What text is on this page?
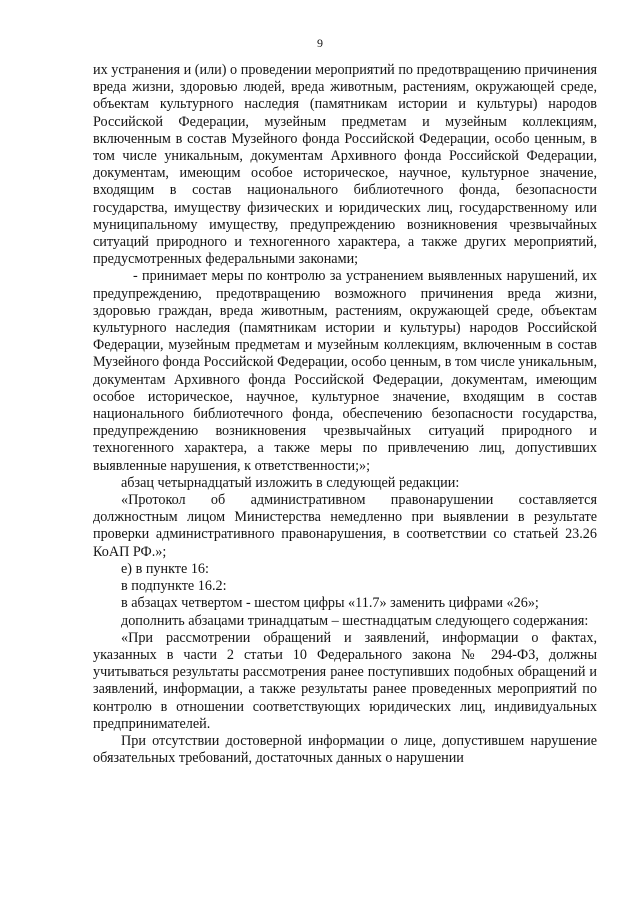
9

их устранения и (или) о проведении мероприятий по предотвращению причинения вреда жизни, здоровью людей, вреда животным, растениям, окружающей среде, объектам культурного наследия (памятникам истории и культуры) народов Российской Федерации, музейным предметам и музейным коллекциям, включенным в состав Музейного фонда Российской Федерации, особо ценным, в том числе уникальным, документам Архивного фонда Российской Федерации, документам, имеющим особое историческое, научное, культурное значение, входящим в состав национального библиотечного фонда, безопасности государства, имуществу физических и юридических лиц, государственному или муниципальному имуществу, предупреждению возникновения чрезвычайных ситуаций природного и техногенного характера, а также других мероприятий, предусмотренных федеральными законами;

- принимает меры по контролю за устранением выявленных нарушений, их предупреждению, предотвращению возможного причинения вреда жизни, здоровью граждан, вреда животным, растениям, окружающей среде, объектам культурного наследия (памятникам истории и культуры) народов Российской Федерации, музейным предметам и музейным коллекциям, включенным в состав Музейного фонда Российской Федерации, особо ценным, в том числе уникальным, документам Архивного фонда Российской Федерации, документам, имеющим особое историческое, научное, культурное значение, входящим в состав национального библиотечного фонда, обеспечению безопасности государства, предупреждению возникновения чрезвычайных ситуаций природного и техногенного характера, а также меры по привлечению лиц, допустивших выявленные нарушения, к ответственности;»;

абзац четырнадцатый изложить в следующей редакции:

«Протокол об административном правонарушении составляется должностным лицом Министерства немедленно при выявлении в результате проверки административного правонарушения, в соответствии со статьей 23.26 КоАП РФ.»;

е) в пункте 16:

в подпункте 16.2:

в абзацах четвертом - шестом цифры «11.7» заменить цифрами «26»;

дополнить абзацами тринадцатым – шестнадцатым следующего содержания:

«При рассмотрении обращений и заявлений, информации о фактах, указанных в части 2 статьи 10 Федерального закона № 294-ФЗ, должны учитываться результаты рассмотрения ранее поступивших подобных обращений и заявлений, информации, а также результаты ранее проведенных мероприятий по контролю в отношении соответствующих юридических лиц, индивидуальных предпринимателей.

При отсутствии достоверной информации о лице, допустившем нарушение обязательных требований, достаточных данных о нарушении
